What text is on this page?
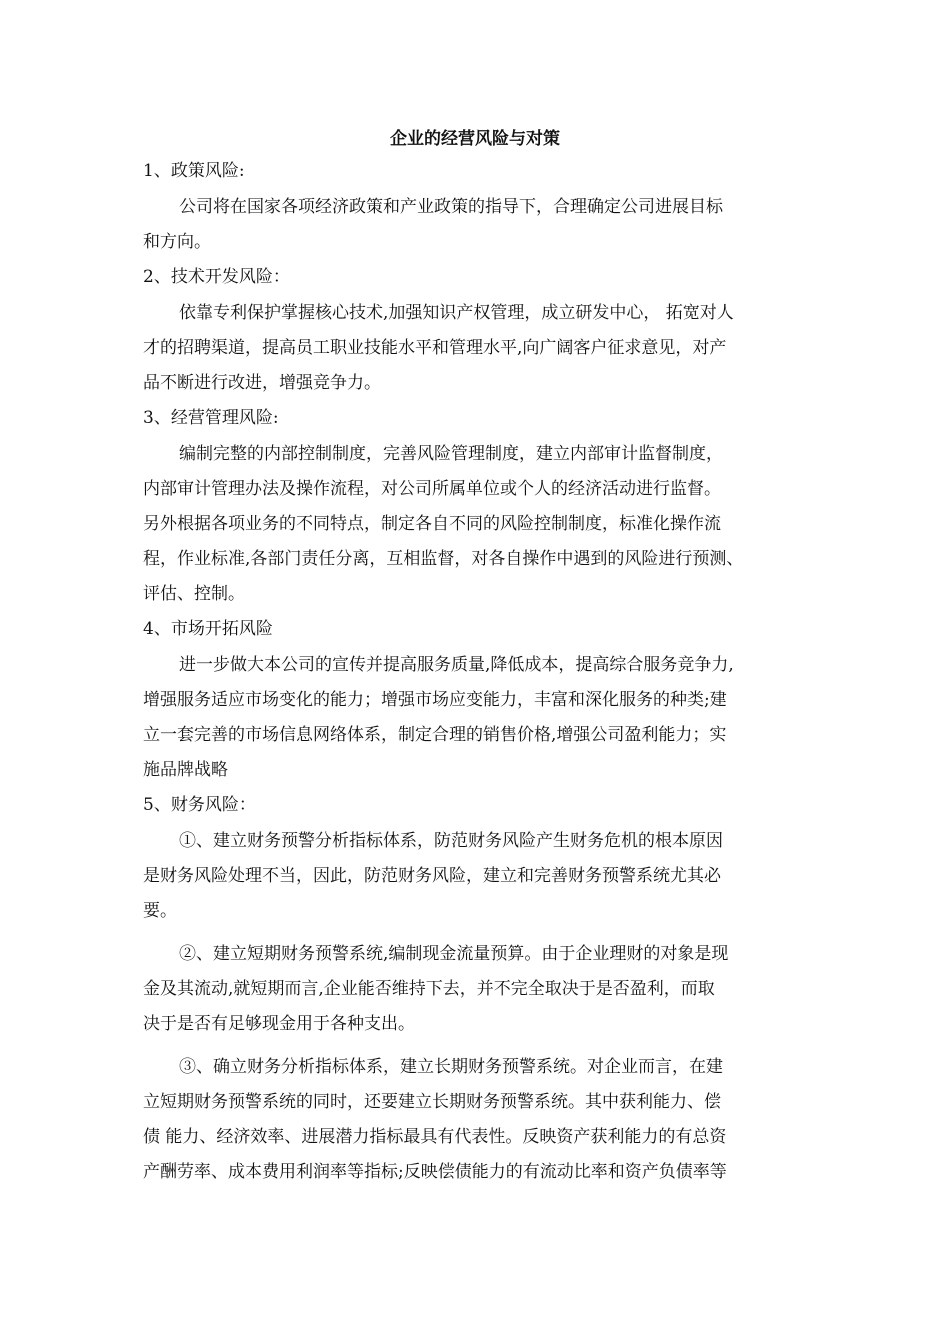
企业的经营风险与对策
1、政策风险:
公司将在国家各项经济政策和产业政策的指导下，合理确定公司进展目标
和方向。
2、技术开发风险：
依靠专利保护掌握核心技术,加强知识产权管理，成立研发中心， 拓宽对人
才的招聘渠道，提高员工职业技能水平和管理水平,向广阔客户征求意见，对产
品不断进行改进，增强竞争力。
3、经营管理风险:
编制完整的内部控制制度，完善风险管理制度，建立内部审计监督制度，
内部审计管理办法及操作流程，对公司所属单位或个人的经济活动进行监督。
另外根据各项业务的不同特点，制定各自不同的风险控制制度，标准化操作流
程，作业标准,各部门责任分离，互相监督，对各自操作中遇到的风险进行预测、
评估、控制。
4、市场开拓风险
进一步做大本公司的宣传并提高服务质量,降低成本，提高综合服务竞争力,
增强服务适应市场变化的能力；增强市场应变能力，丰富和深化服务的种类;建
立一套完善的市场信息网络体系，制定合理的销售价格,增强公司盈利能力；实
施品牌战略
5、财务风险：
①、建立财务预警分析指标体系，防范财务风险产生财务危机的根本原因
是财务风险处理不当，因此，防范财务风险，建立和完善财务预警系统尤其必
要。
②、建立短期财务预警系统,编制现金流量预算。由于企业理财的对象是现
金及其流动,就短期而言,企业能否维持下去，并不完全取决于是否盈利，而取
决于是否有足够现金用于各种支出。
③、确立财务分析指标体系，建立长期财务预警系统。对企业而言，在建
立短期财务预警系统的同时，还要建立长期财务预警系统。其中获利能力、偿
债 能力、经济效率、进展潜力指标最具有代表性。反映资产获利能力的有总资
产酬劳率、成本费用利润率等指标;反映偿债能力的有流动比率和资产负债率等
